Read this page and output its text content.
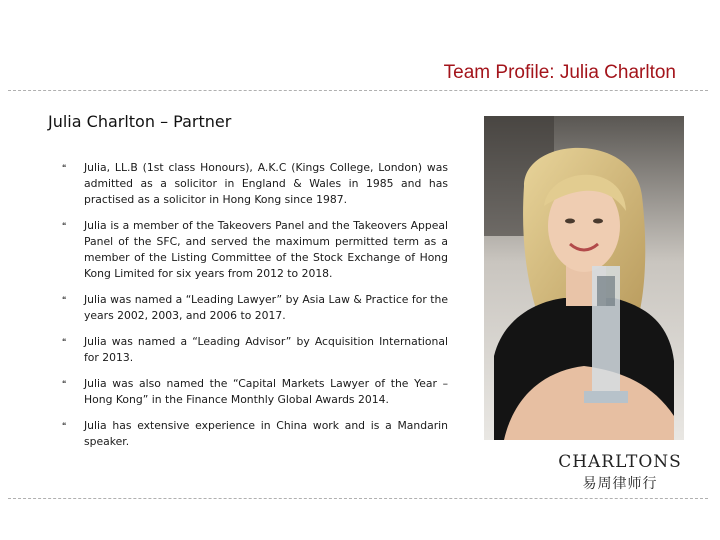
Team Profile: Julia Charlton
Julia Charlton – Partner
❝ Julia, LL.B (1st class Honours), A.K.C (Kings College, London) was admitted as a solicitor in England & Wales in 1985 and has practised as a solicitor in Hong Kong since 1987.
❝ Julia is a member of the Takeovers Panel and the Takeovers Appeal Panel of the SFC, and served the maximum permitted term as a member of the Listing Committee of the Stock Exchange of Hong Kong Limited for six years from 2012 to 2018.
❝ Julia was named a “Leading Lawyer” by Asia Law & Practice for the years 2002, 2003, and 2006 to 2017.
❝ Julia was named a “Leading Advisor” by Acquisition International for 2013.
❝ Julia was also named the “Capital Markets Lawyer of the Year – Hong Kong” in the Finance Monthly Global Awards 2014.
❝ Julia has extensive experience in China work and is a Mandarin speaker.
CHARLTONS
易周律师行
